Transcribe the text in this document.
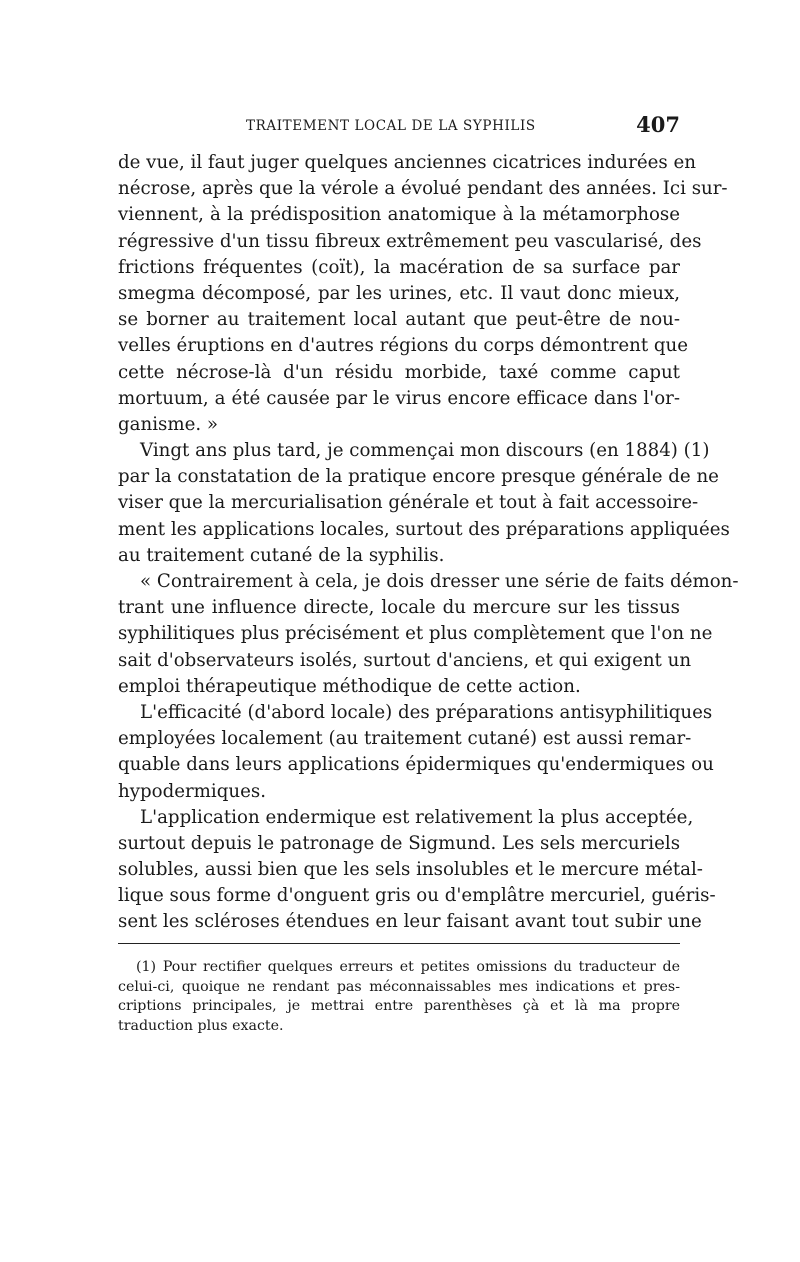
TRAITEMENT LOCAL DE LA SYPHILIS	407
de vue, il faut juger quelques anciennes cicatrices indurées en
nécrose, après que la vérole a évolué pendant des années. Ici sur-
viennent, à la prédisposition anatomique à la métamorphose
régressive d'un tissu fibreux extrêmement peu vascularisé, des
frictions fréquentes (coït), la macération de sa surface par
smegma décomposé, par les urines, etc. Il vaut donc mieux,
se borner au traitement local autant que peut-être de nou-
velles éruptions en d'autres régions du corps démontrent que
cette nécrose-là d'un résidu morbide, taxé comme caput
mortuum, a été causée par le virus encore efficace dans l'or-
ganisme. »
Vingt ans plus tard, je commençai mon discours (en 1884) (1)
par la constatation de la pratique encore presque générale de ne
viser que la mercurialisation générale et tout à fait accessoire-
ment les applications locales, surtout des préparations appliquées
au traitement cutané de la syphilis.
« Contrairement à cela, je dois dresser une série de faits démon-
trant une influence directe, locale du mercure sur les tissus
syphilitiques plus précisément et plus complètement que l'on ne
sait d'observateurs isolés, surtout d'anciens, et qui exigent un
emploi thérapeutique méthodique de cette action.
L'efficacité (d'abord locale) des préparations antisyphilitiques
employées localement (au traitement cutané) est aussi remar-
quable dans leurs applications épidermiques qu'endermiques ou
hypodermiques.
L'application endermique est relativement la plus acceptée,
surtout depuis le patronage de Sigmund. Les sels mercuriels
solubles, aussi bien que les sels insolubles et le mercure métal-
lique sous forme d'onguent gris ou d'emplâtre mercuriel, guéris-
sent les scléroses étendues en leur faisant avant tout subir une
(1) Pour rectifier quelques erreurs et petites omissions du traducteur de
celui-ci, quoique ne rendant pas méconnaissables mes indications et pres-
criptions principales, je mettrai entre parenthèses çà et là ma propre
traduction plus exacte.
